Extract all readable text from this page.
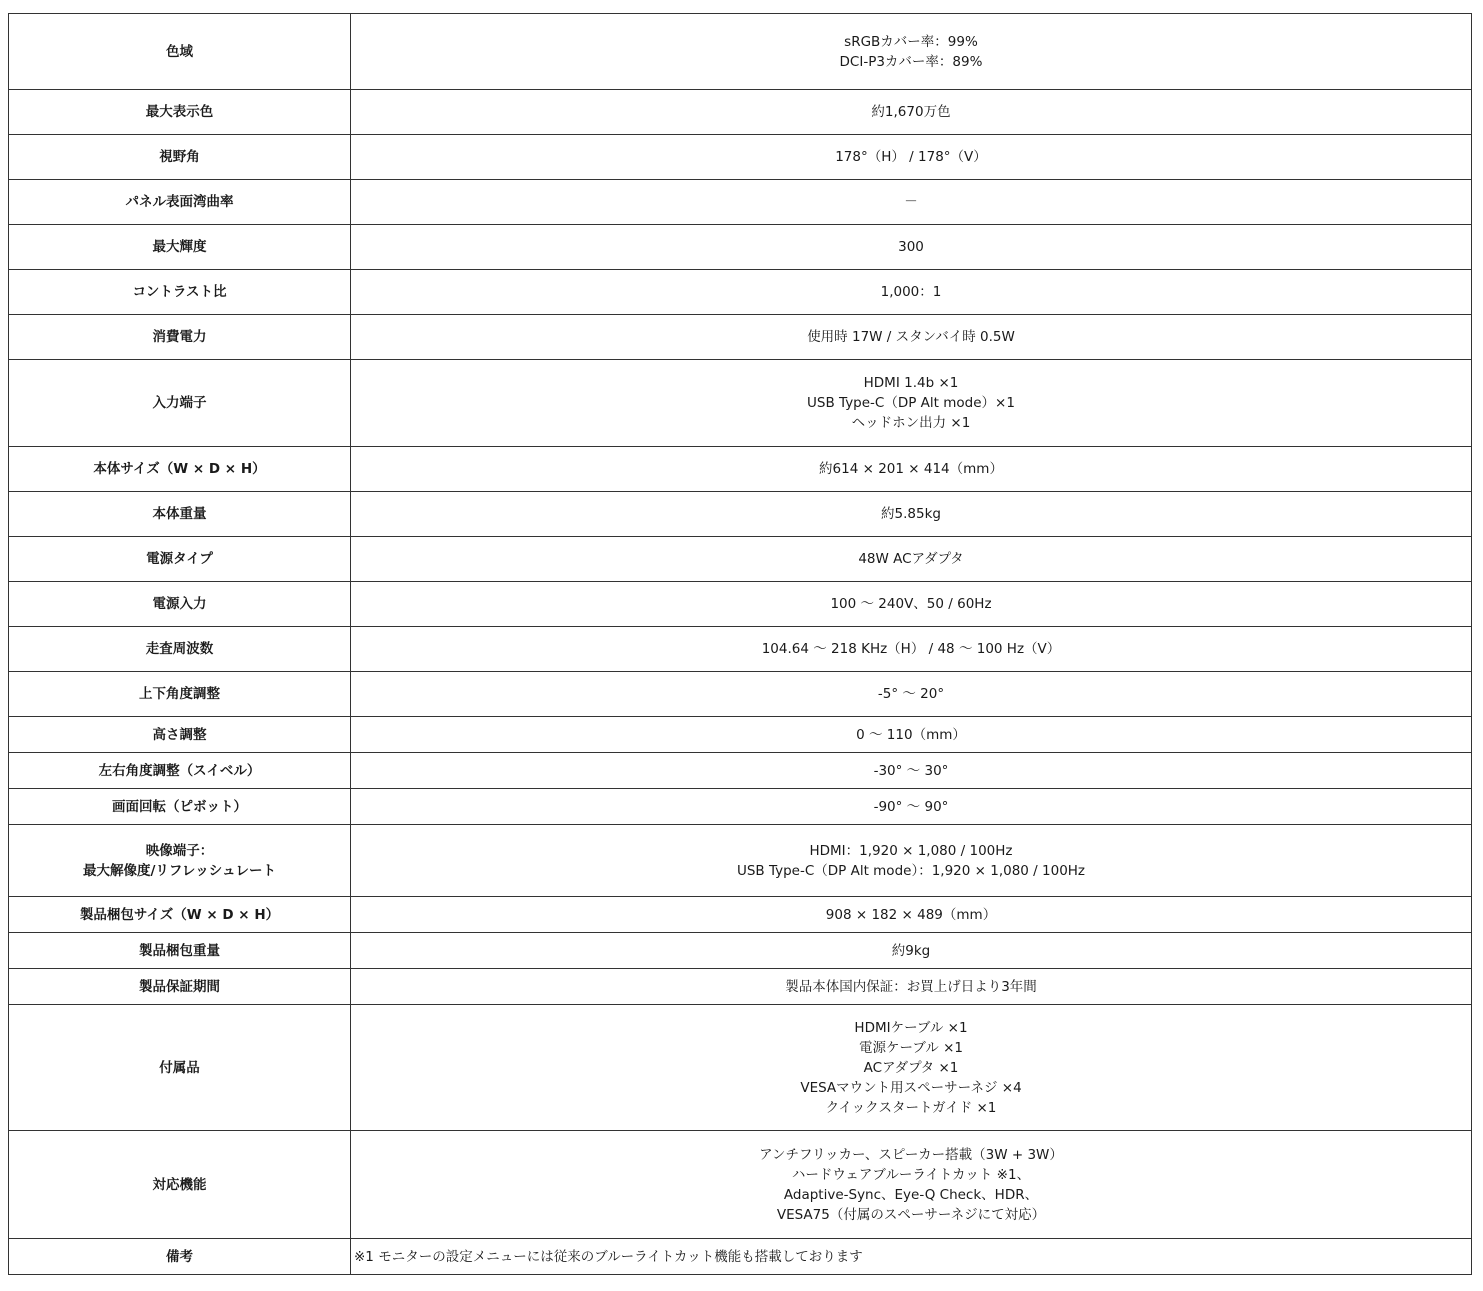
色域	sRGBカバー率：99%
DCI-P3カバー率：89%

最大表示色	約1,670万色

視野角	178°（H） / 178°（V）

パネル表面湾曲率	－

最大輝度	300

コントラスト比	1,000：1

消費電力	使用時 17W / スタンバイ時 0.5W

入力端子	HDMI 1.4b ×1
USB Type-C（DP Alt mode）×1
ヘッドホン出力 ×1

本体サイズ（W × D × H）	約614 × 201 × 414（mm）

本体重量	約5.85kg

電源タイプ	48W ACアダプタ

電源入力	100 ～ 240V、50 / 60Hz

走査周波数	104.64 ～ 218 KHz（H） / 48 ～ 100 Hz（V）

上下角度調整	-5° ～ 20°

高さ調整	0 ～ 110（mm）

左右角度調整（スイベル）	-30° ～ 30°

画面回転（ピボット）	-90° ～ 90°

映像端子：
最大解像度/リフレッシュレート	HDMI：1,920 × 1,080 / 100Hz
USB Type-C（DP Alt mode）：1,920 × 1,080 / 100Hz

製品梱包サイズ（W × D × H）	908 × 182 × 489（mm）

製品梱包重量	約9kg

製品保証期間	製品本体国内保証：お買上げ日より3年間

付属品	HDMIケーブル ×1
電源ケーブル ×1
ACアダプタ ×1
VESAマウント用スペーサーネジ ×4
クイックスタートガイド ×1

対応機能	アンチフリッカー、スピーカー搭載（3W + 3W）
ハードウェアブルーライトカット ※1、
Adaptive-Sync、Eye-Q Check、HDR、
VESA75（付属のスペーサーネジにて対応）

備考	※1 モニターの設定メニューには従来のブルーライトカット機能も搭載しております
